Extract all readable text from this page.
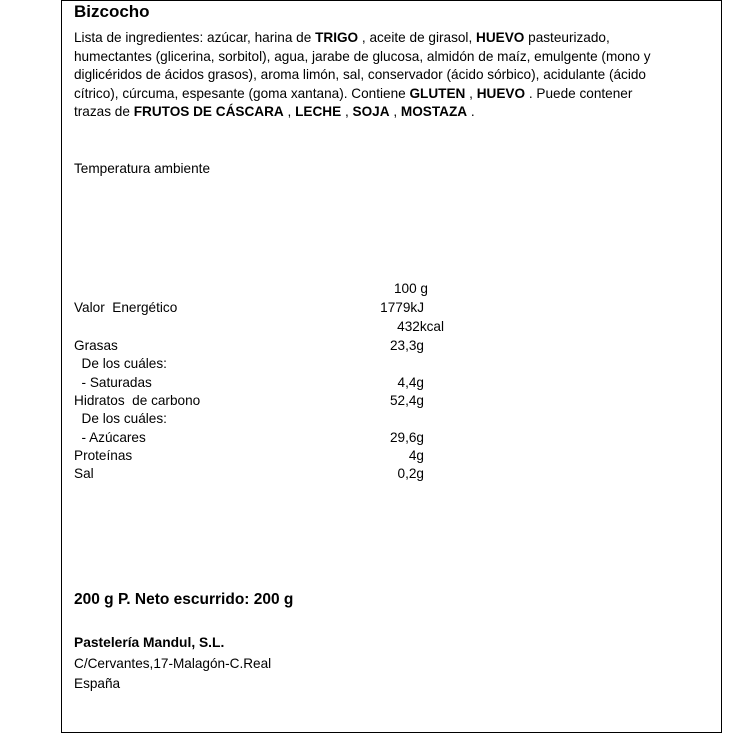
Bizcocho
Lista de ingredientes: azúcar, harina de TRIGO , aceite de girasol, HUEVO pasteurizado, humectantes (glicerina, sorbitol), agua, jarabe de glucosa, almidón de maíz, emulgente (mono y diglicéridos de ácidos grasos), aroma limón, sal, conservador (ácido sórbico), acidulante (ácido cítrico), cúrcuma, espesante (goma xantana). Contiene GLUTEN , HUEVO . Puede contener trazas de FRUTOS DE CÁSCARA , LECHE , SOJA , MOSTAZA .
Temperatura ambiente
100 g
Valor  Energético	1779kJ
432kcal
Grasas	23,3g
De los cuáles:
- Saturadas	4,4g
Hidratos  de carbono	52,4g
De los cuáles:
- Azúcares	29,6g
Proteínas	4g
Sal	0,2g
200 g P. Neto escurrido: 200 g
Pastelería Mandul, S.L.
C/Cervantes,17-Malagón-C.Real
España
